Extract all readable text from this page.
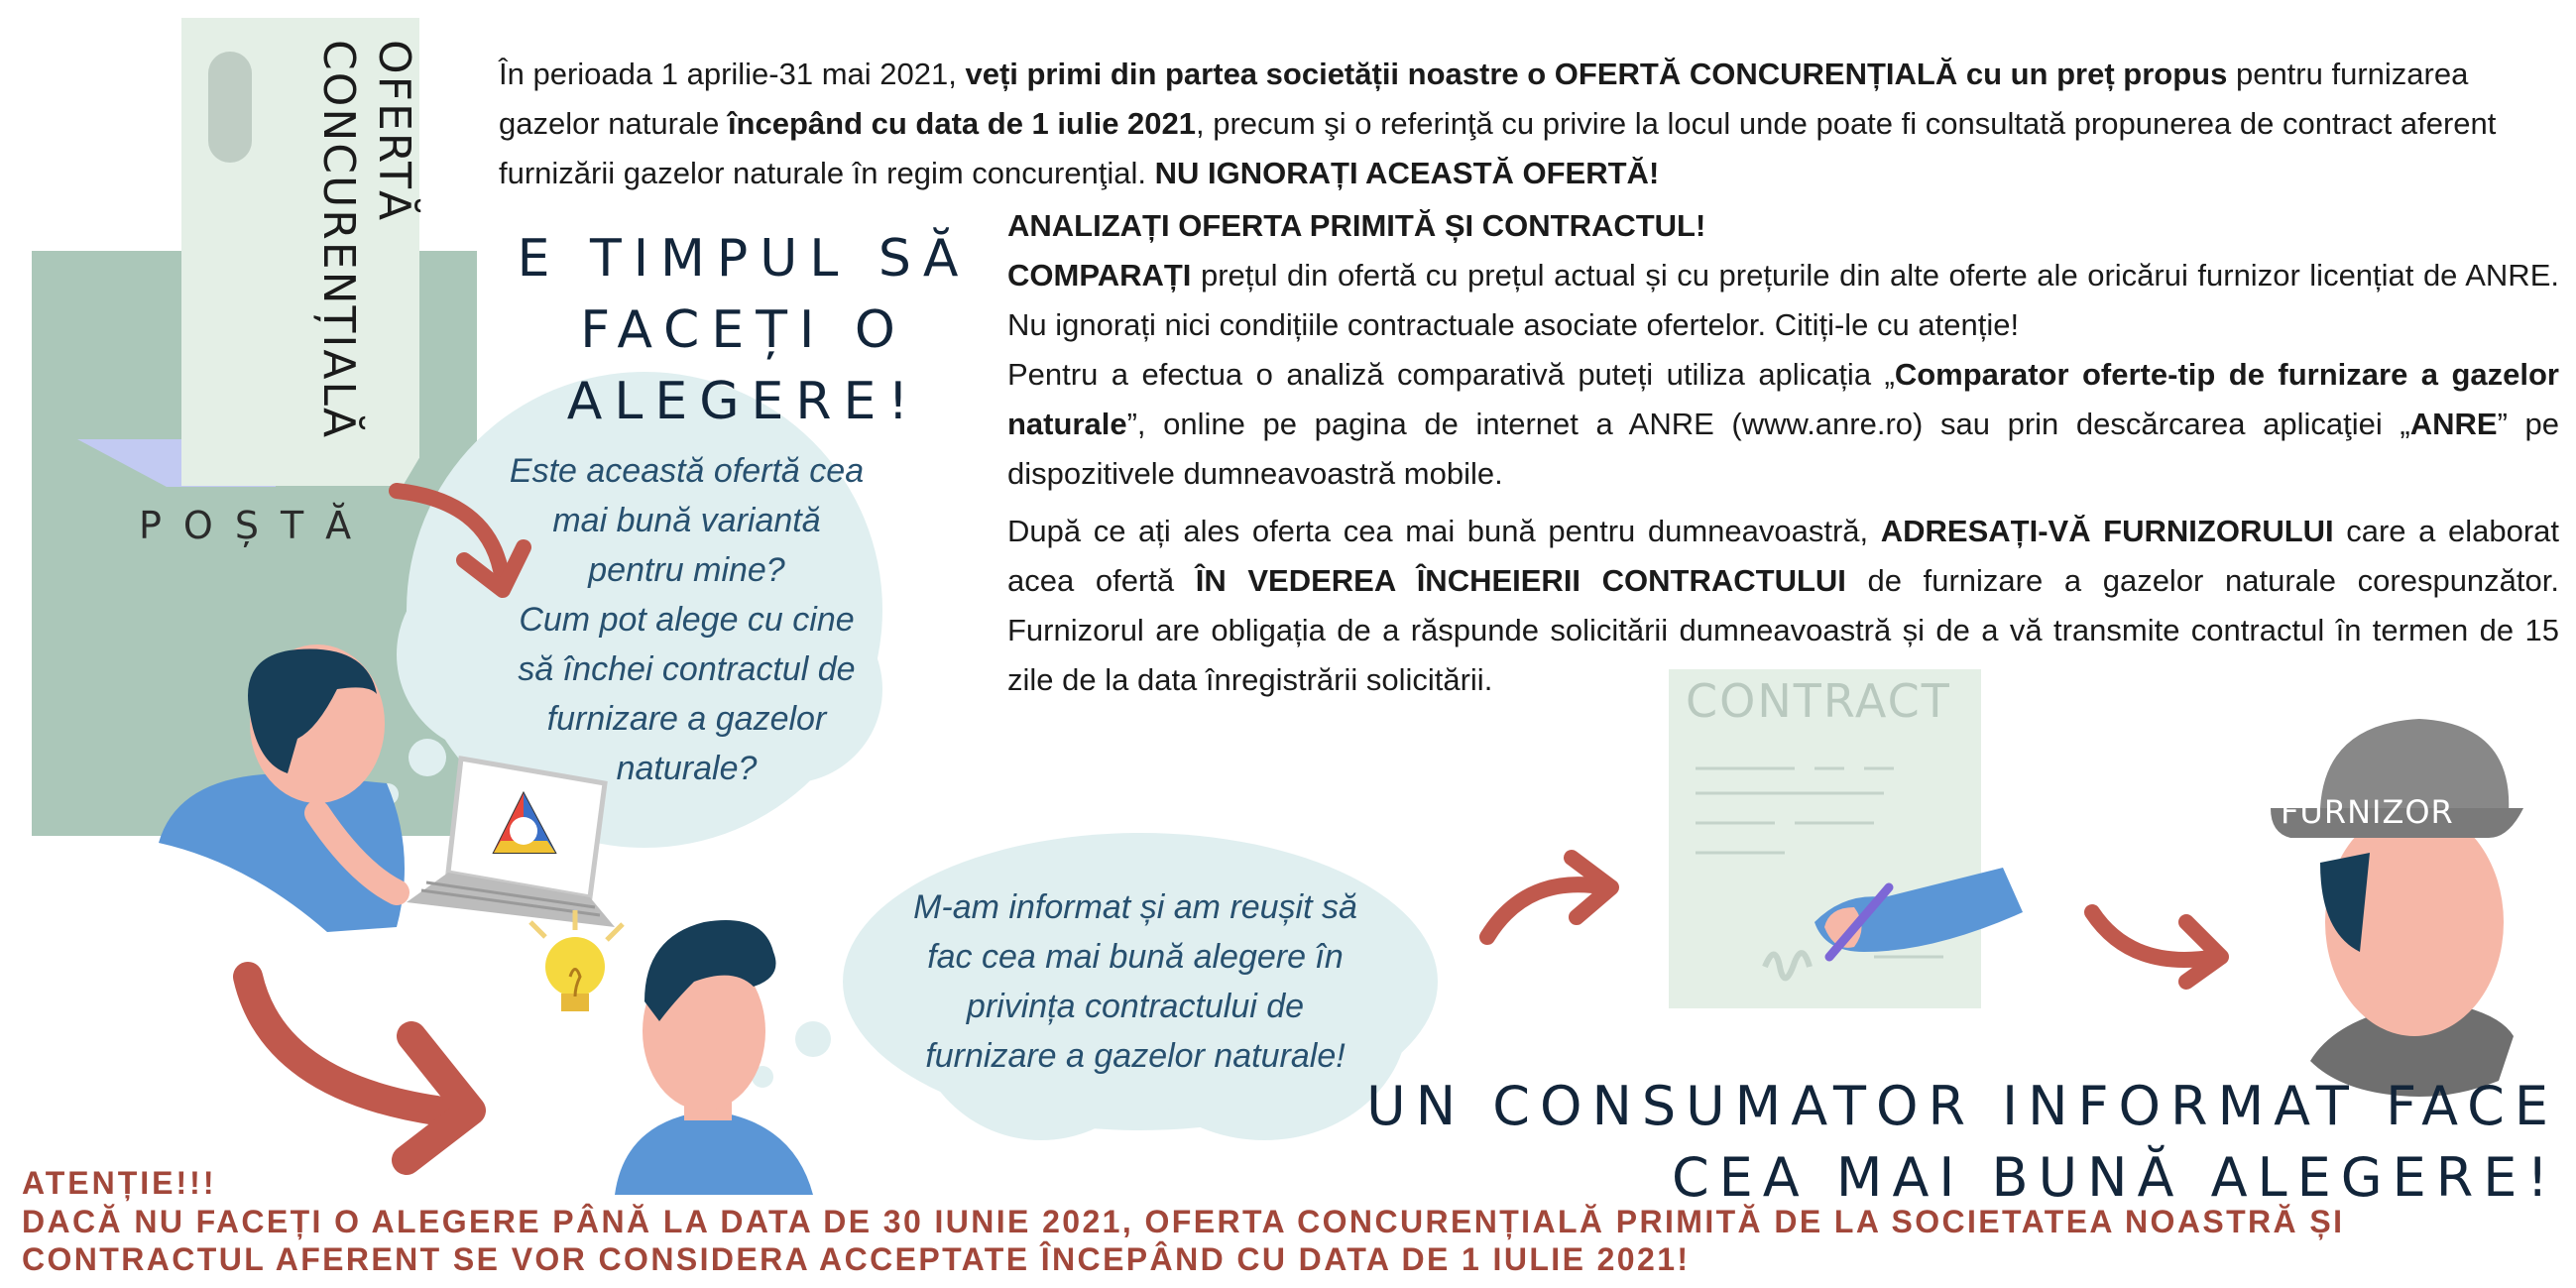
OFERTĂ
CONCURENȚIALĂ
POȘTĂ
CONTRACT
FURNIZOR
E TIMPUL SĂ FACEȚI O ALEGERE!
Este această ofertă cea
mai bună variantă
pentru mine?
Cum pot alege cu cine
să închei contractul de
furnizare a gazelor
naturale?
M-am informat și am reușit să
fac cea mai bună alegere în
privința contractului de
furnizare a gazelor naturale!
În perioada 1 aprilie-31 mai 2021, veți primi din partea societății noastre o OFERTĂ CONCURENȚIALĂ cu un preț propus pentru furnizarea gazelor naturale începând cu data de 1 iulie 2021, precum şi o referinţă cu privire la locul unde poate fi consultată propunerea de contract aferent furnizării gazelor naturale în regim concurenţial. NU IGNORAȚI ACEASTĂ OFERTĂ!

ANALIZAȚI OFERTA PRIMITĂ ȘI CONTRACTUL!

COMPARAȚI prețul din ofertă cu prețul actual și cu prețurile din alte oferte ale oricărui furnizor licențiat de ANRE. Nu ignorați nici condițiile contractuale asociate ofertelor. Citiți-le cu atenție!

Pentru a efectua o analiză comparativă puteți utiliza aplicația „Comparator oferte-tip de furnizare a gazelor naturale”, online pe pagina de internet a ANRE (www.anre.ro) sau prin descărcarea aplicaţiei „ANRE” pe dispozitivele dumneavoastră mobile.

După ce ați ales oferta cea mai bună pentru dumneavoastră, ADRESAȚI-VĂ FURNIZORULUI care a elaborat acea ofertă ÎN VEDEREA ÎNCHEIERII CONTRACTULUI de furnizare a gazelor naturale corespunzător. Furnizorul are obligația de a răspunde solicitării dumneavoastră și de a vă transmite contractul în termen de 15 zile de la data înregistrării solicitării.

UN CONSUMATOR INFORMAT FACE
CEA MAI BUNĂ ALEGERE!
ATENȚIE!!!
DACĂ NU FACEȚI O ALEGERE PÂNĂ LA DATA DE 30 IUNIE 2021, OFERTA CONCURENȚIALĂ PRIMITĂ DE LA SOCIETATEA NOASTRĂ ȘI
CONTRACTUL AFERENT SE VOR CONSIDERA ACCEPTATE ÎNCEPÂND CU DATA DE 1 IULIE 2021!
